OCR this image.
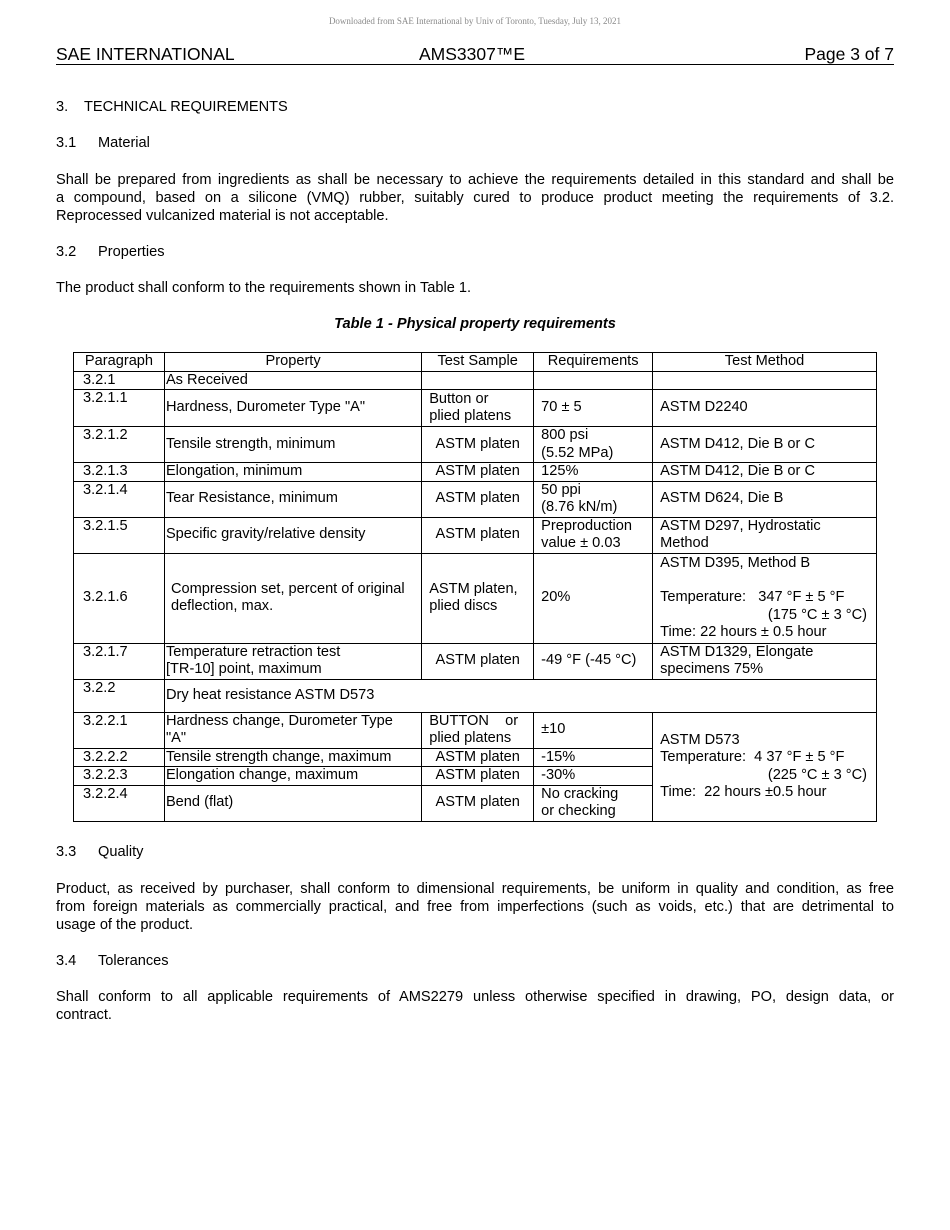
Downloaded from SAE International by Univ of Toronto, Tuesday, July 13, 2021
SAE INTERNATIONAL	AMS3307™E	Page 3 of 7
3. TECHNICAL REQUIREMENTS
3.1 Material
Shall be prepared from ingredients as shall be necessary to achieve the requirements detailed in this standard and shall be
a compound, based on a silicone (VMQ) rubber, suitably cured to produce product meeting the requirements of 3.2.
Reprocessed vulcanized material is not acceptable.
3.2 Properties
The product shall conform to the requirements shown in Table 1.
Table 1 - Physical property requirements
Paragraph	Property	Test Sample	Requirements	Test Method
3.2.1	As Received			
3.2.1.1	Hardness, Durometer Type "A"	Button or
plied platens	70 ± 5	ASTM D2240
3.2.1.2	Tensile strength, minimum	ASTM platen	800 psi
(5.52 MPa)	ASTM D412, Die B or C
3.2.1.3	Elongation, minimum	ASTM platen	125%	ASTM D412, Die B or C
3.2.1.4	Tear Resistance, minimum	ASTM platen	50 ppi
(8.76 kN/m)	ASTM D624, Die B
3.2.1.5	Specific gravity/relative density	ASTM platen	Preproduction
value ± 0.03	ASTM D297, Hydrostatic
Method

3.2.1.6	Compression set, percent of original
deflection, max.	ASTM platen,
plied discs	20%	ASTM D395, Method B
Temperature:   347 °F ± 5 °F
(175 °C ± 3 °C)
Time: 22 hours ± 0.5 hour

3.2.1.7	Temperature retraction test
[TR-10] point, maximum	ASTM platen	-49 °F (-45 °C)	ASTM D1329, Elongate
specimens 75%

3.2.2	Dry heat resistance ASTM D573			
3.2.2.1	Hardness change, Durometer Type
"A"	BUTTON    or
plied platens	±10	ASTM D573
Temperature:  4 37 °F ± 5 °F
(225 °C ± 3 °C)
Time:  22 hours ±0.5 hour

3.2.2.2	Tensile strength change, maximum	ASTM platen	-15%	
3.2.2.3	Elongation change, maximum	ASTM platen	-30%	
3.2.2.4	Bend (flat)	ASTM platen	No cracking
or checking	
3.3 Quality
Product, as received by purchaser, shall conform to dimensional requirements, be uniform in quality and condition, as free
from foreign materials as commercially practical, and free from imperfections (such as voids, etc.) that are detrimental to
usage of the product.
3.4 Tolerances
Shall conform to all applicable requirements of AMS2279 unless otherwise specified in drawing, PO, design data, or
contract.
